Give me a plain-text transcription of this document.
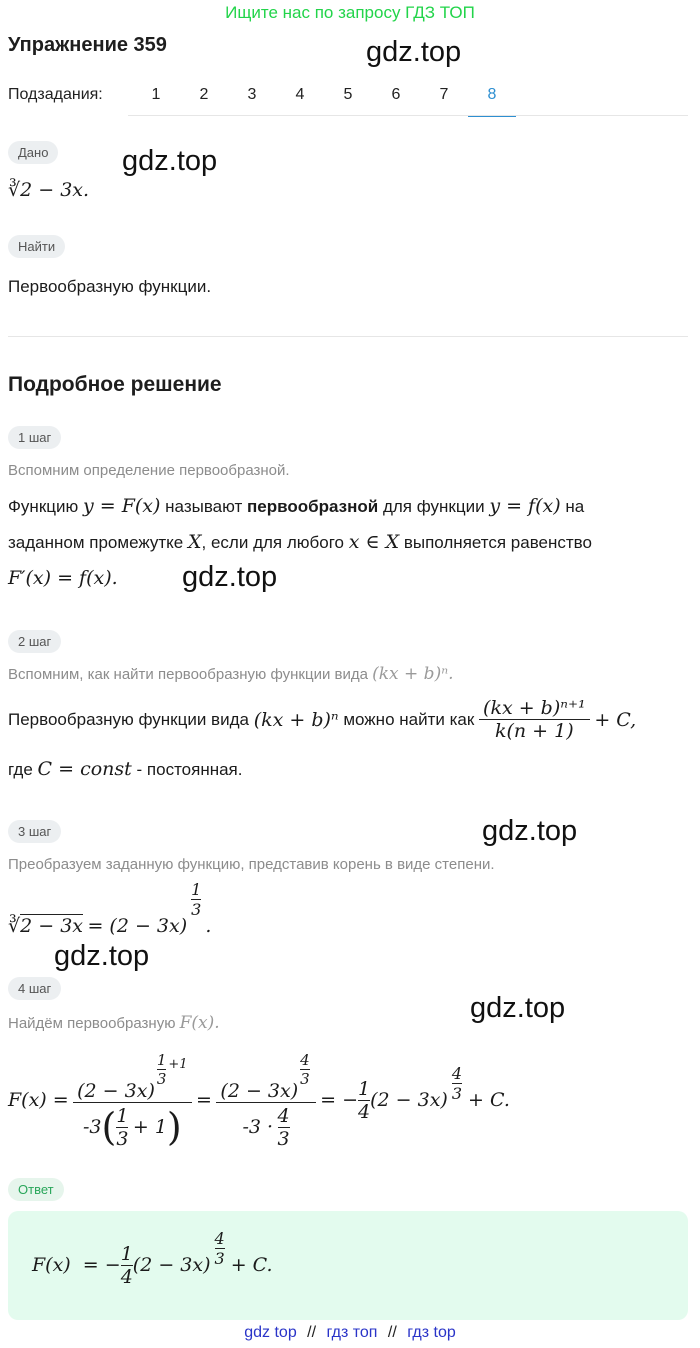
Ищите нас по запросу ГДЗ ТОП
Упражнение 359	gdz.top
gdz.top
gdz.top
gdz.top
gdz.top
gdz.top
Подзадания:	1	2	3	4	5	6	7	8
Дано
∛2 − 3x.
Найти
Первообразную функции.
Подробное решение
1 шаг
Вспомним определение первообразной.
Функцию y = F(x) называют первообразной для функции y = f(x) на
заданном промежутке X, если для любого x ∈ X выполняется равенство
F′(x) = f(x).
2 шаг
Вспомним, как найти первообразную функции вида (kx + b)ⁿ.
Первообразную функции вида
(kx + b)ⁿ
можно найти как
(kx + b)ⁿ⁺¹
k(n + 1)

+ C,
где C = const - постоянная.
3 шаг
Преобразуем заданную функцию, представив корень в виде степени.
∛ 2 − 3x
= (2 − 3x)
1
3
.
4 шаг
Найдём первообразную F(x).
F(x) =
(2 − 3x)
1
3
+1
-3 ( 1
3

+ 1 )

=
(2 − 3x)
4
3
-3 ·

4
3

= −
1
4
(2 − 3x)
4
3 + C.
Ответ
F(x)  = −
1
4
(2 − 3x)
4
3 + C.
gdz top // гдз топ // гдз top
